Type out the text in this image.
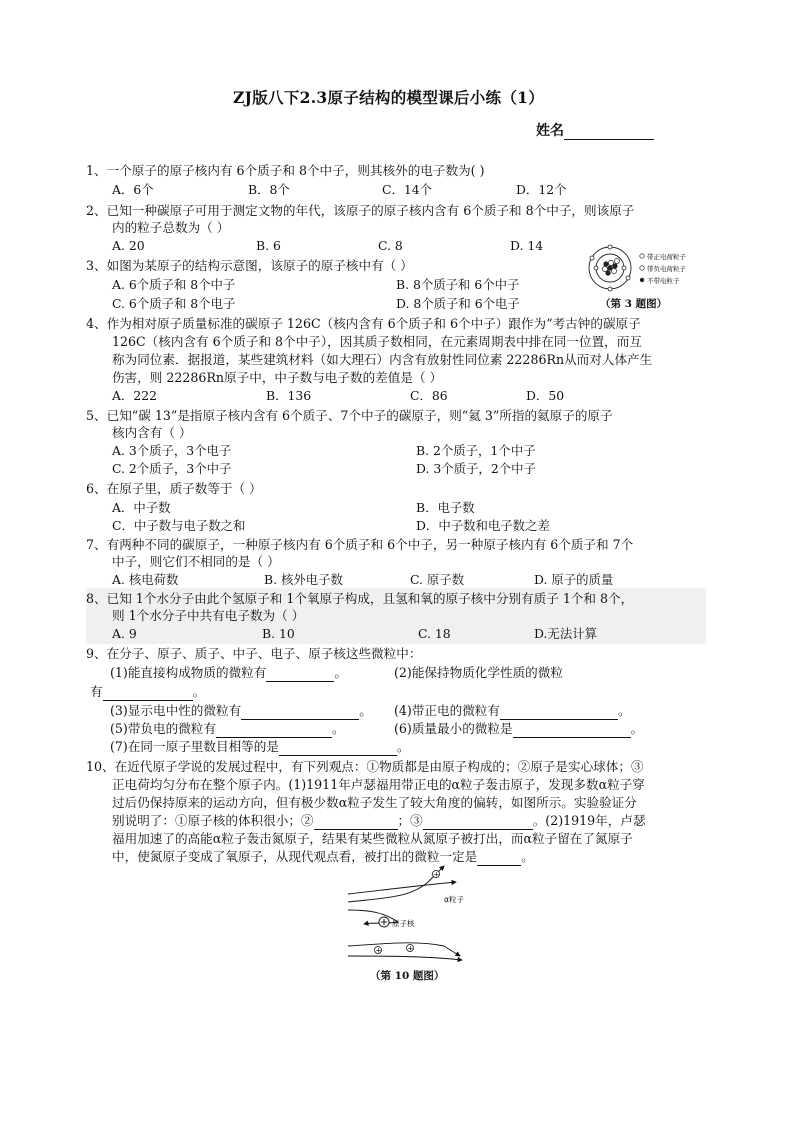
ZJ版八下2.3原子结构的模型课后小练（1）
姓名
1、一个原子的原子核内有 6个质子和 8个中子，则其核外的电子数为( )
A．6个	B．8个	C．14个	D．12个
2、已知一种碳原子可用于测定文物的年代，该原子的原子核内含有 6个质子和 8个中子，则该原子
内的粒子总数为（ ）
A. 20	B. 6	C. 8	D. 14
3、如图为某原子的结构示意图，该原子的原子核中有（ ）
A. 6个质子和 8个中子	B. 8个质子和 6个中子
C. 6个质子和 8个电子	D. 8个质子和 6个电子
带正电荷粒子
带负电荷粒子
不带电粒子
（第 3 题图）
4、作为相对原子质量标准的碳原子 126C（核内含有 6个质子和 6个中子）跟作为“考古钟的碳原子
126C（核内含有 6个质子和 8个中子），因其质子数相同，在元素周期表中排在同一位置，而互
称为同位素．据报道，某些建筑材料（如大理石）内含有放射性同位素 22286Rn从而对人体产生
伤害，则 22286Rn原子中，中子数与电子数的差值是（ ）
A．222	B．136	C．86	D．50
5、已知“碳 13”是指原子核内含有 6个质子、7个中子的碳原子，则“氦 3”所指的氦原子的原子
核内含有（ ）
A. 3个质子，3个电子	B. 2个质子，1个中子
C. 2个质子，3个中子	D. 3个质子，2个中子
6、在原子里，质子数等于（ ）
A．中子数	B．电子数
C．中子数与电子数之和	D．中子数和电子数之差
7、有两种不同的碳原子，一种原子核内有 6个质子和 6个中子，另一种原子核内有 6个质子和 7个
中子，则它们不相同的是（ ）
A. 核电荷数	B. 核外电子数	C. 原子数	D. 原子的质量
8、已知 1个水分子由此个氢原子和 1个氧原子构成，且氢和氧的原子核中分别有质子 1个和 8个，
则 1个水分子中共有电子数为（ ）
A. 9	B. 10	C. 18	D.无法计算
9、在分子、原子、质子、中子、电子、原子核这些微粒中：
(1)能直接构成物质的微粒有	。	(2)能保持物质化学性质的微粒
有	。
(3)显示电中性的微粒有	。 (4)带正电的微粒有	。
(5)带负电的微粒有	。	(6)质量最小的微粒是	。
(7)在同一原子里数目相等的是	。
10、在近代原子学说的发展过程中，有下列观点：①物质都是由原子构成的；②原子是实心球体；③
正电荷均匀分布在整个原子内。(1)1911年卢瑟福用带正电的α粒子轰击原子，发现多数α粒子穿
过后仍保持原来的运动方向，但有极少数α粒子发生了较大角度的偏转，如图所示。实验验证分
别说明了：①原子核的体积很小；②	；③	。(2)1919年，卢瑟
福用加速了的高能α粒子轰击氮原子，结果有某些微粒从氮原子被打出，而α粒子留在了氮原子
中，使氮原子变成了氧原子，从现代观点看，被打出的微粒一定是	。
+
+	+
α粒子
原子核
（第 10 题图）
